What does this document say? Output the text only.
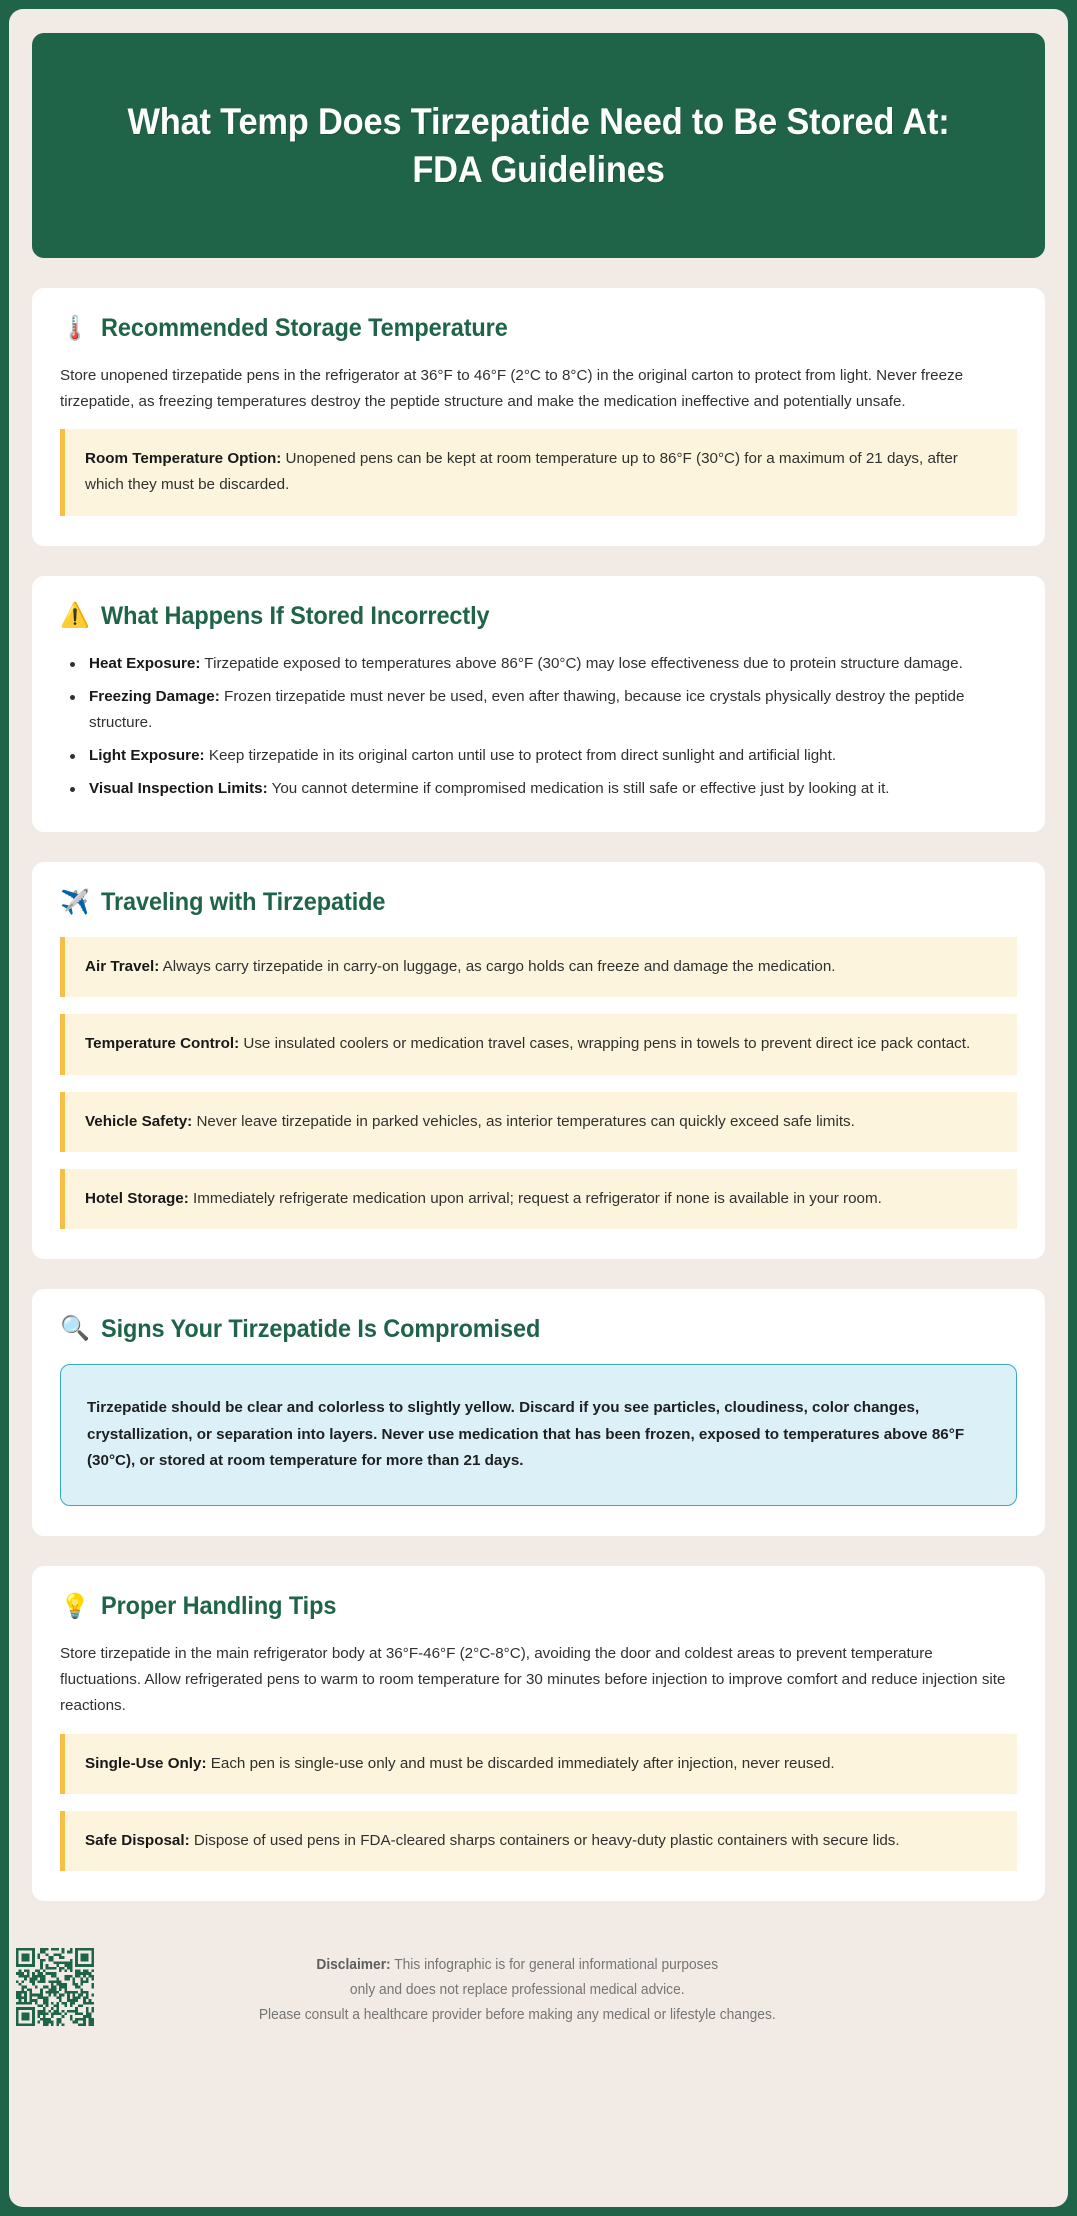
What Temp Does Tirzepatide Need to Be Stored At: FDA Guidelines
🌡️ Recommended Storage Temperature

Store unopened tirzepatide pens in the refrigerator at 36°F to 46°F (2°C to 8°C) in the original carton to protect from light. Never freeze tirzepatide, as freezing temperatures destroy the peptide structure and make the medication ineffective and potentially unsafe.

Room Temperature Option: Unopened pens can be kept at room temperature up to 86°F (30°C) for a maximum of 21 days, after which they must be discarded.
⚠️ What Happens If Stored Incorrectly
Heat Exposure: Tirzepatide exposed to temperatures above 86°F (30°C) may lose effectiveness due to protein structure damage.
Freezing Damage: Frozen tirzepatide must never be used, even after thawing, because ice crystals physically destroy the peptide structure.
Light Exposure: Keep tirzepatide in its original carton until use to protect from direct sunlight and artificial light.
Visual Inspection Limits: You cannot determine if compromised medication is still safe or effective just by looking at it.
✈️ Traveling with Tirzepatide
Air Travel: Always carry tirzepatide in carry-on luggage, as cargo holds can freeze and damage the medication.
Temperature Control: Use insulated coolers or medication travel cases, wrapping pens in towels to prevent direct ice pack contact.
Vehicle Safety: Never leave tirzepatide in parked vehicles, as interior temperatures can quickly exceed safe limits.
Hotel Storage: Immediately refrigerate medication upon arrival; request a refrigerator if none is available in your room.
🔍 Signs Your Tirzepatide Is Compromised
Tirzepatide should be clear and colorless to slightly yellow. Discard if you see particles, cloudiness, color changes, crystallization, or separation into layers. Never use medication that has been frozen, exposed to temperatures above 86°F (30°C), or stored at room temperature for more than 21 days.
💡 Proper Handling Tips

Store tirzepatide in the main refrigerator body at 36°F-46°F (2°C-8°C), avoiding the door and coldest areas to prevent temperature fluctuations. Allow refrigerated pens to warm to room temperature for 30 minutes before injection to improve comfort and reduce injection site reactions.

Single-Use Only: Each pen is single-use only and must be discarded immediately after injection, never reused.
Safe Disposal: Dispose of used pens in FDA-cleared sharps containers or heavy-duty plastic containers with secure lids.
Disclaimer: This infographic is for general informational purposes
only and does not replace professional medical advice.
Please consult a healthcare provider before making any medical or lifestyle changes.
